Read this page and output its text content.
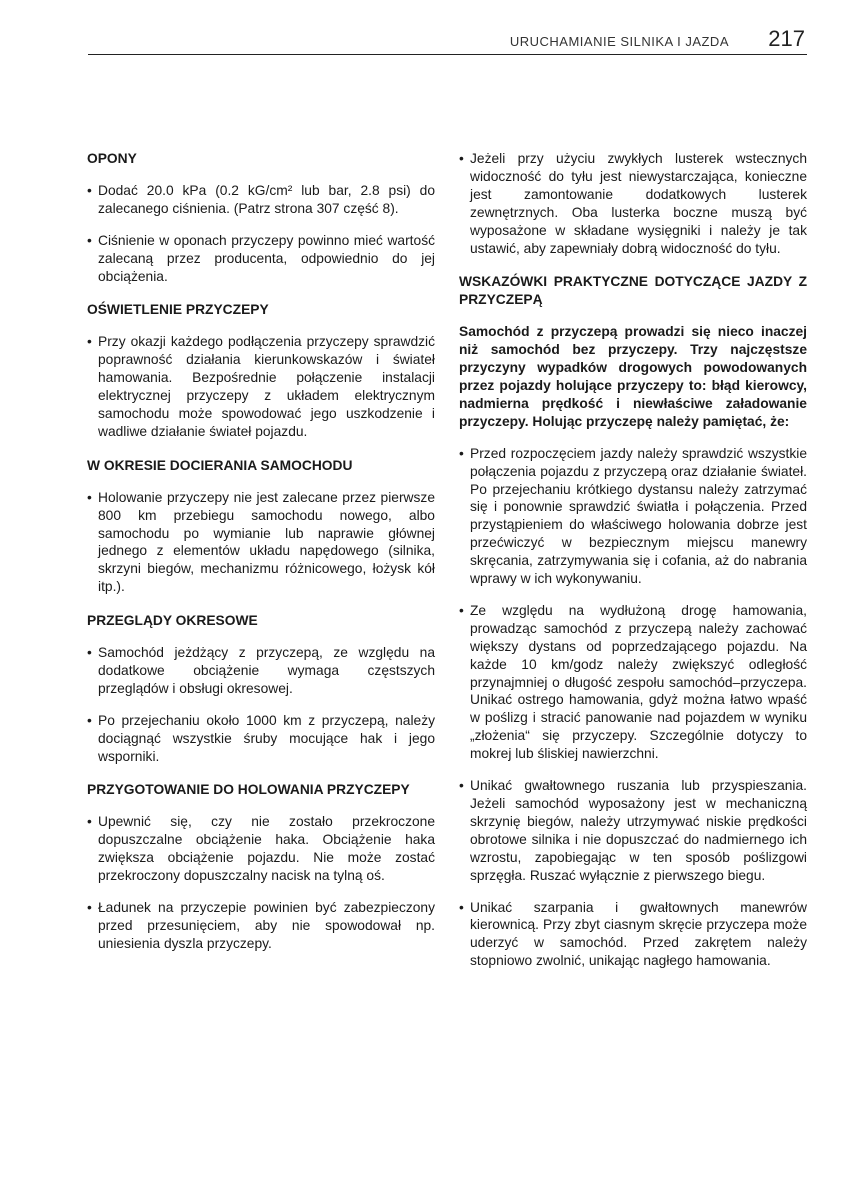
URUCHAMIANIE SILNIKA I JAZDA 217
OPONY

• Dodać 20.0 kPa (0.2 kG/cm² lub bar, 2.8 psi) do zalecanego ciśnienia. (Patrz strona 307 część 8).

• Ciśnienie w oponach przyczepy powinno mieć wartość zalecaną przez producenta, odpowiednio do jej obciążenia.

OŚWIETLENIE PRZYCZEPY

• Przy okazji każdego podłączenia przyczepy sprawdzić poprawność działania kierunkowskazów i świateł hamowania. Bezpośrednie połączenie instalacji elektrycznej przyczepy z układem elektrycznym samochodu może spowodować jego uszkodzenie i wadliwe działanie świateł pojazdu.

W OKRESIE DOCIERANIA SAMOCHODU

• Holowanie przyczepy nie jest zalecane przez pierwsze 800 km przebiegu samochodu nowego, albo samochodu po wymianie lub naprawie głównej jednego z elementów układu napędowego (silnika, skrzyni biegów, mechanizmu różnicowego, łożysk kół itp.).

PRZEGLĄDY OKRESOWE

• Samochód jeżdżący z przyczepą, ze względu na dodatkowe obciążenie wymaga częstszych przeglądów i obsługi okresowej.

• Po przejechaniu około 1000 km z przyczepą, należy dociągnąć wszystkie śruby mocujące hak i jego wsporniki.

PRZYGOTOWANIE DO HOLOWANIA PRZYCZEPY

• Upewnić się, czy nie zostało przekroczone dopuszczalne obciążenie haka. Obciążenie haka zwiększa obciążenie pojazdu. Nie może zostać przekroczony dopuszczalny nacisk na tylną oś.

• Ładunek na przyczepie powinien być zabezpieczony przed przesunięciem, aby nie spowodował np. uniesienia dyszla przyczepy.

• Jeżeli przy użyciu zwykłych lusterek wstecznych widoczność do tyłu jest niewystarczająca, konieczne jest zamontowanie dodatkowych lusterek zewnętrznych. Oba lusterka boczne muszą być wyposażone w składane wysięgniki i należy je tak ustawić, aby zapewniały dobrą widoczność do tyłu.

WSKAZÓWKI PRAKTYCZNE DOTYCZĄCE JAZDY Z PRZYCZEPĄ

Samochód z przyczepą prowadzi się nieco inaczej niż samochód bez przyczepy. Trzy najczęstsze przyczyny wypadków drogowych powodowanych przez pojazdy holujące przyczepy to: błąd kierowcy, nadmierna prędkość i niewłaściwe załadowanie przyczepy. Holując przyczepę należy pamiętać, że:

• Przed rozpoczęciem jazdy należy sprawdzić wszystkie połączenia pojazdu z przyczepą oraz działanie świateł. Po przejechaniu krótkiego dystansu należy zatrzymać się i ponownie sprawdzić światła i połączenia. Przed przystąpieniem do właściwego holowania dobrze jest przećwiczyć w bezpiecznym miejscu manewry skręcania, zatrzymywania się i cofania, aż do nabrania wprawy w ich wykonywaniu.

• Ze względu na wydłużoną drogę hamowania, prowadząc samochód z przyczepą należy zachować większy dystans od poprzedzającego pojazdu. Na każde 10 km/godz należy zwiększyć odległość przynajmniej o długość zespołu samochód–przyczepa. Unikać ostrego hamowania, gdyż można łatwo wpaść w poślizg i stracić panowanie nad pojazdem w wyniku „złożenia“ się przyczepy. Szczególnie dotyczy to mokrej lub śliskiej nawierzchni.

• Unikać gwałtownego ruszania lub przyspieszania. Jeżeli samochód wyposażony jest w mechaniczną skrzynię biegów, należy utrzymywać niskie prędkości obrotowe silnika i nie dopuszczać do nadmiernego ich wzrostu, zapobiegając w ten sposób poślizgowi sprzęgła. Ruszać wyłącznie z pierwszego biegu.

• Unikać szarpania i gwałtownych manewrów kierownicą. Przy zbyt ciasnym skręcie przyczepa może uderzyć w samochód. Przed zakrętem należy stopniowo zwolnić, unikając nagłego hamowania.
